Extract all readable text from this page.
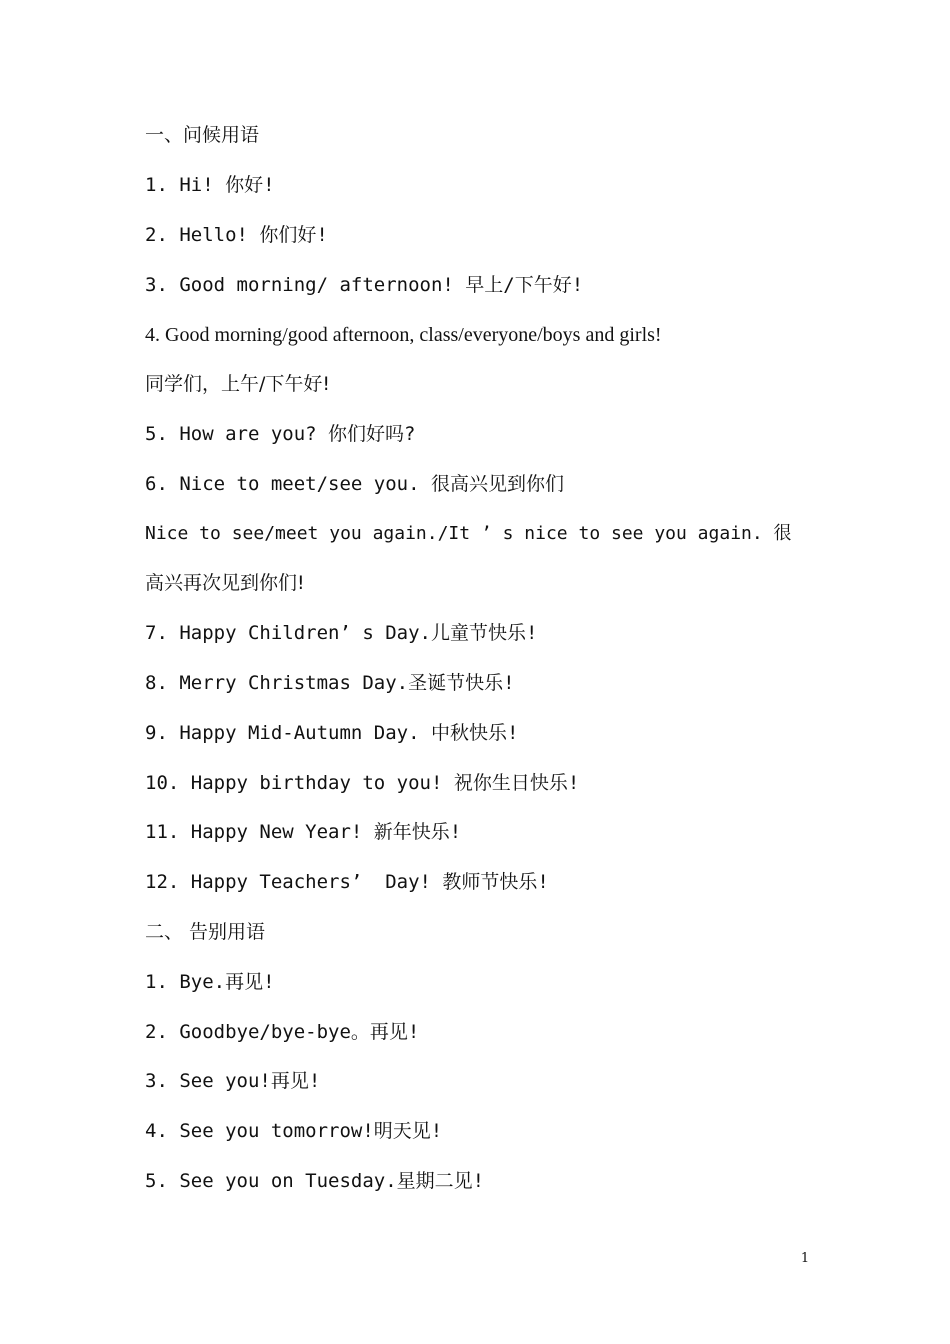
一、问候用语
1. Hi! 你好!
2. Hello! 你们好!
3. Good morning/ afternoon! 早上/下午好!
4. Good morning/good afternoon, class/everyone/boys and girls!
同学们，上午/下午好!
5. How are you? 你们好吗?
6. Nice to meet/see you. 很高兴见到你们
Nice to see/meet you again./It ’ s nice to see you again. 很
高兴再次见到你们!
7. Happy Children’ s Day.儿童节快乐!
8. Merry Christmas Day.圣诞节快乐!
9. Happy Mid-Autumn Day. 中秋快乐!
10. Happy birthday to you! 祝你生日快乐!
11. Happy New Year! 新年快乐!
12. Happy Teachers’  Day! 教师节快乐!
二、 告别用语
1. Bye.再见!
2. Goodbye/bye-bye。再见!
3. See you!再见!
4. See you tomorrow!明天见!
5. See you on Tuesday.星期二见!
1
